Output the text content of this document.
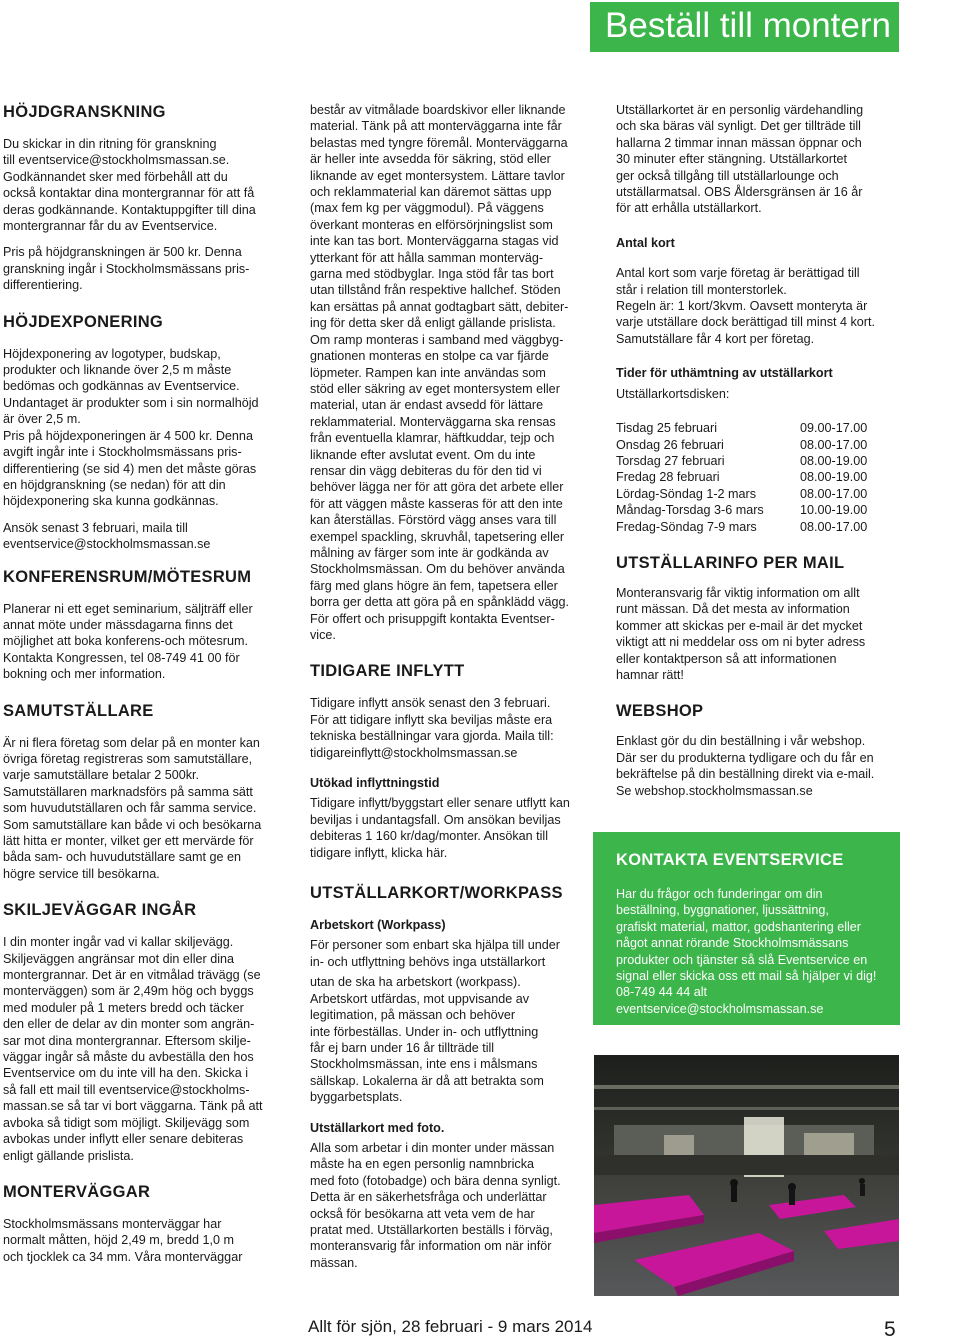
Beställ till montern
HÖJDGRANSKNING

Du skickar in din ritning för granskning
till eventservice@stockholmsmassan.se.
Godkännandet sker med förbehåll att du
också kontaktar dina montergrannar för att få
deras godkännande. Kontaktuppgifter till dina
montergrannar får du av Eventservice.

Pris på höjdgranskningen är 500 kr. Denna
granskning ingår i Stockholmsmässans pris-
differentiering.

HÖJDEXPONERING

Höjdexponering av logotyper, budskap,
produkter och liknande över 2,5 m måste
bedömas och godkännas av Eventservice.
Undantaget är produkter som i sin normalhöjd
är över 2,5 m.
Pris på höjdexponeringen är 4 500 kr. Denna
avgift ingår inte i Stockholmsmässans pris-
differentiering (se sid 4) men det måste göras
en höjdgranskning (se nedan) för att din
höjdexponering ska kunna godkännas.

Ansök senast 3 februari, maila till
eventservice@stockholmsmassan.se

KONFERENSRUM/MÖTESRUM

Planerar ni ett eget seminarium, säljträff eller
annat möte under mässdagarna finns det
möjlighet att boka konferens-och mötesrum.
Kontakta Kongressen, tel 08-749 41 00 för
bokning och mer information.

SAMUTSTÄLLARE

Är ni flera företag som delar på en monter kan
övriga företag registreras som samutställare,
varje samutställare betalar 2 500kr.
Samutställaren marknadsförs på samma sätt
som huvudutställaren och får samma service.
Som samutställare kan både vi och besökarna
lätt hitta er monter, vilket ger ett mervärde för
båda sam- och huvudutställare samt ge en
högre service till besökarna.

SKILJEVÄGGAR INGÅR

I din monter ingår vad vi kallar skiljevägg.
Skiljeväggen angränsar mot din eller dina
montergrannar. Det är en vitmålad trävägg (se
monterväggen) som är 2,49m hög och byggs
med moduler på 1 meters bredd och täcker
den eller de delar av din monter som angrän-
sar mot dina montergrannar. Eftersom skilje-
väggar ingår så måste du avbeställa den hos
Eventservice om du inte vill ha den. Skicka i
så fall ett mail till eventservice@stockholms-
massan.se så tar vi bort väggarna. Tänk på att
avboka så tidigt som möjligt. Skiljevägg som
avbokas under inflytt eller senare debiteras
enligt gällande prislista.

MONTERVÄGGAR

Stockholmsmässans monterväggar har
normalt måtten, höjd 2,49 m, bredd 1,0 m
och tjocklek ca 34 mm. Våra monterväggar

består av vitmålade boardskivor eller liknande
material. Tänk på att monterväggarna inte får
belastas med tyngre föremål. Monterväggarna
är heller inte avsedda för säkring, stöd eller
liknande av eget montersystem. Lättare tavlor
och reklammaterial kan däremot sättas upp
(max fem kg per väggmodul). På väggens
överkant monteras en elförsörjningslist som
inte kan tas bort. Monterväggarna stagas vid
ytterkant för att hålla samman monterväg-
garna med stödbyglar. Inga stöd får tas bort
utan tillstånd från respektive hallchef. Stöden
kan ersättas på annat godtagbart sätt, debiter-
ing för detta sker då enligt gällande prislista.
Om ramp monteras i samband med väggbyg-
gnationen monteras en stolpe ca var fjärde
löpmeter. Rampen kan inte användas som
stöd eller säkring av eget montersystem eller
material, utan är endast avsedd för lättare
reklammaterial. Monterväggarna ska rensas
från eventuella klamrar, häftkuddar, tejp och
liknande efter avslutat event. Om du inte
rensar din vägg debiteras du för den tid vi
behöver lägga ner för att göra det arbete eller
för att väggen måste kasseras för att den inte
kan återställas. Förstörd vägg anses vara till
exempel spackling, skruvhål, tapetsering eller
målning av färger som inte är godkända av
Stockholmsmässan. Om du behöver använda
färg med glans högre än fem, tapetsera eller
borra ger detta att göra på en spånklädd vägg.
För offert och prisuppgift kontakta Eventser-
vice.

TIDIGARE INFLYTT

Tidigare inflytt ansök senast den 3 februari.
För att tidigare inflytt ska beviljas måste era
tekniska beställningar vara gjorda. Maila till:
tidigareinflytt@stockholmsmassan.se

Utökad inflyttningstid

Tidigare inflytt/byggstart eller senare utflytt kan
beviljas i undantagsfall. Om ansökan beviljas
debiteras 1 160 kr/dag/monter. Ansökan till
tidigare inflytt, klicka här.

UTSTÄLLARKORT/WORKPASS
Arbetskort (Workpass)

För personer som enbart ska hjälpa till under
in- och utflyttning behövs inga utställarkort

utan de ska ha arbetskort (workpass).
Arbetskort utfärdas, mot uppvisande av
legitimation, på mässan och behöver
inte förbeställas. Under in- och utflyttning
får ej barn under 16 år tillträde till
Stockholmsmässan, inte ens i målsmans
sällskap. Lokalerna är då att betrakta som
byggarbetsplats.

Utställarkort med foto.

Alla som arbetar i din monter under mässan
måste ha en egen personlig namnbricka
med foto (fotobadge) och bära denna synligt.
Detta är en säkerhetsfråga och underlättar
också för besökarna att veta vem de har
pratat med. Utställarkorten beställs i förväg,
monteransvarig får information om när inför
mässan.

Utställarkortet är en personlig värdehandling
och ska bäras väl synligt. Det ger tillträde till
hallarna 2 timmar innan mässan öppnar och
30 minuter efter stängning. Utställarkortet
ger också tillgång till utställarlounge och
utställarmatsal. OBS Åldersgränsen är 16 år
för att erhålla utställarkort.

Antal kort

Antal kort som varje företag är berättigad till
står i relation till monterstorlek.
Regeln är: 1 kort/3kvm. Oavsett monteryta är
varje utställare dock berättigad till minst 4 kort.
Samutställare får 4 kort per företag.

Tider för uthämtning av utställarkort

Utställarkortsdisken:

Tisdag 25 februari	09.00-17.00
Onsdag 26 februari	08.00-17.00
Torsdag 27 februari	08.00-19.00
Fredag 28 februari	08.00-19.00
Lördag-Söndag 1-2 mars	08.00-17.00
Måndag-Torsdag 3-6 mars	10.00-19.00
Fredag-Söndag 7-9 mars	08.00-17.00
UTSTÄLLARINFO PER MAIL

Monteransvarig får viktig information om allt
runt mässan. Då det mesta av information
kommer att skickas per e-mail är det mycket
viktigt att ni meddelar oss om ni byter adress
eller kontaktperson så att informationen
hamnar rätt!

WEBSHOP

Enklast gör du din beställning i vår webshop.
Där ser du produkterna tydligare och du får en
bekräftelse på din beställning direkt via e-mail.
Se webshop.stockholmsmassan.se

KONTAKTA EVENTSERVICE

Har du frågor och funderingar om din
beställning, byggnationer, ljussättning,
grafiskt material, mattor, godshantering eller
något annat rörande Stockholmsmässans
produkter och tjänster så slå Eventservice en
signal eller skicka oss ett mail så hjälper vi dig!
08-749 44 44 alt
eventservice@stockholmsmassan.se

Allt för sjön, 28 februari - 9 mars 2014	5
